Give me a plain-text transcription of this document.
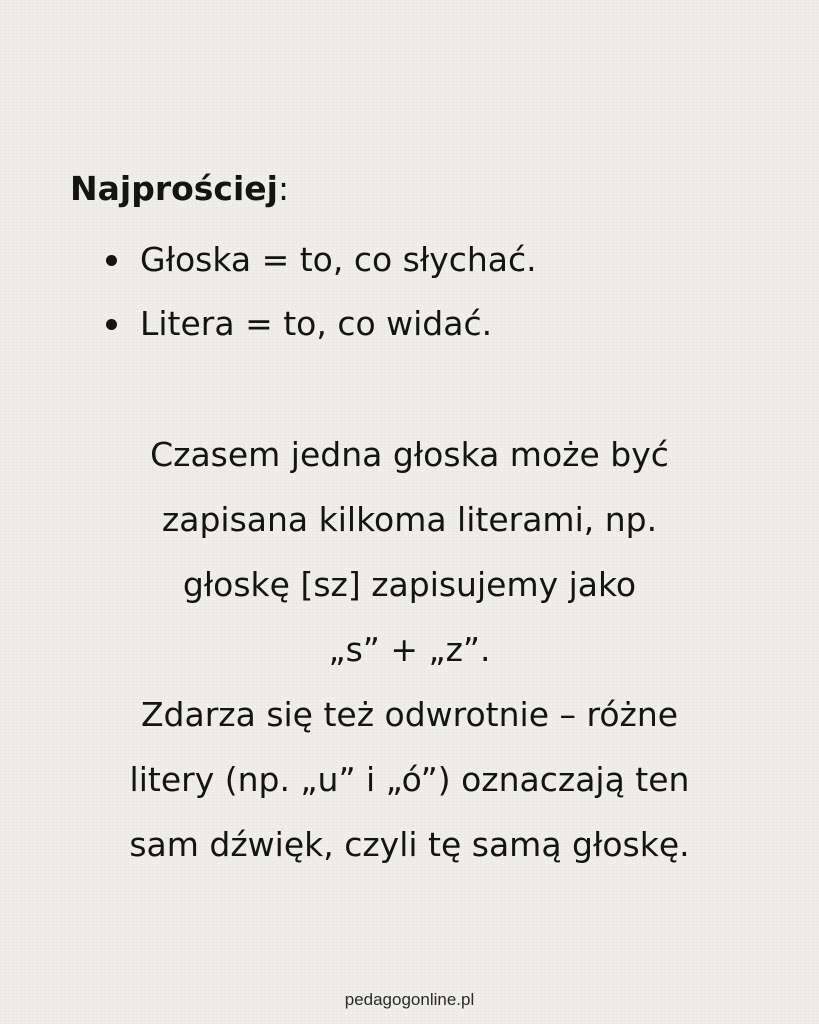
Najprościej:
Głoska = to, co słychać.
Litera = to, co widać.

Czasem jedna głoska może być
zapisana kilkoma literami, np.
głoskę [sz] zapisujemy jako
„s” + „z”.
Zdarza się też odwrotnie – różne
litery (np. „u” i „ó”) oznaczają ten
sam dźwięk, czyli tę samą głoskę.

pedagogonline.pl
